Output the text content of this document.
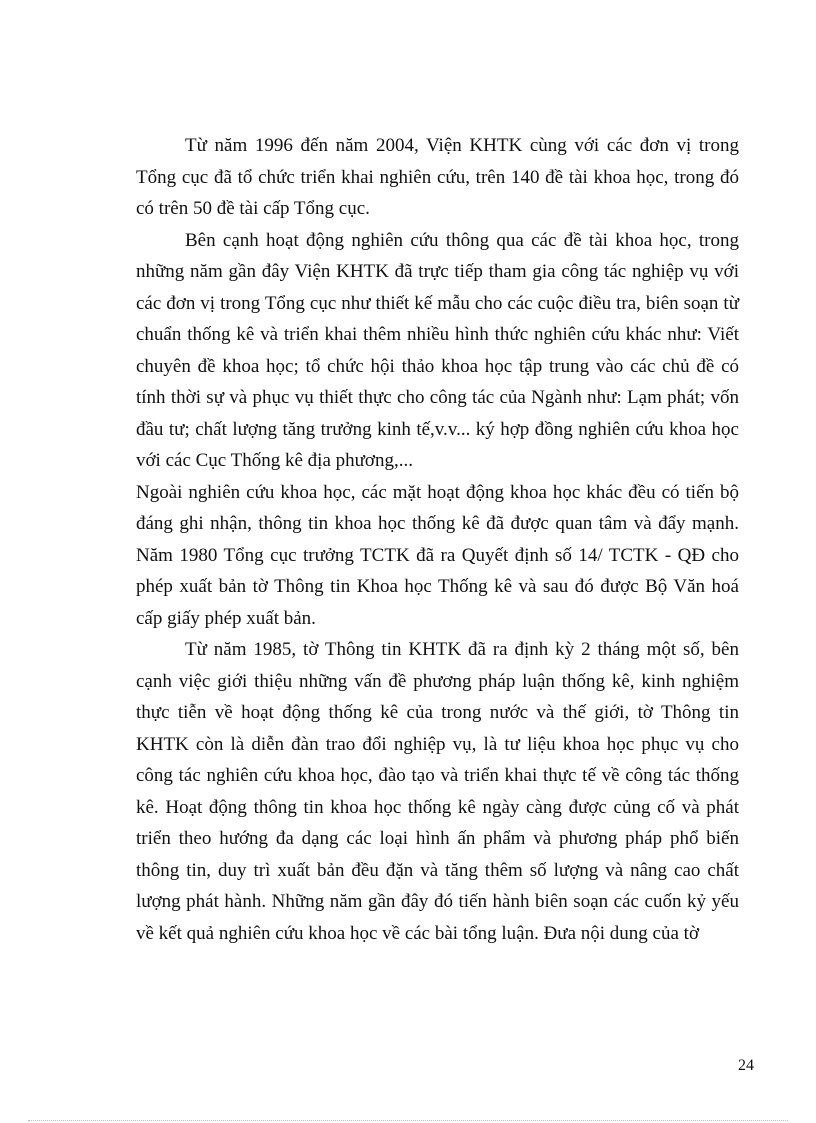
Từ năm 1996 đến năm 2004, Viện KHTK cùng với các đơn vị trong Tổng cục đã tổ chức triển khai nghiên cứu, trên 140 đề tài khoa học, trong đó có trên 50 đề tài cấp Tổng cục.

Bên cạnh hoạt động nghiên cứu thông qua các đề tài khoa học, trong những năm gần đây Viện KHTK đã trực tiếp tham gia công tác nghiệp vụ với các đơn vị trong Tổng cục như thiết kế mẫu cho các cuộc điều tra, biên soạn từ chuẩn thống kê và triển khai thêm nhiều hình thức nghiên cứu khác như: Viết chuyên đề khoa học; tổ chức hội thảo khoa học tập trung vào các chủ đề có tính thời sự và phục vụ thiết thực cho công tác của Ngành như: Lạm phát; vốn đầu tư; chất lượng tăng trưởng kinh tế,v.v... ký hợp đồng nghiên cứu khoa học với các Cục Thống kê địa phương,...

Ngoài nghiên cứu khoa học, các mặt hoạt động khoa học khác đều có tiến bộ đáng ghi nhận, thông tin khoa học thống kê đã được quan tâm và đẩy mạnh. Năm 1980 Tổng cục trưởng TCTK đã ra Quyết định số 14/ TCTK - QĐ cho phép xuất bản tờ Thông tin Khoa học Thống kê và sau đó được Bộ Văn hoá cấp giấy phép xuất bản.

Từ năm 1985, tờ Thông tin KHTK đã ra định kỳ 2 tháng một số, bên cạnh việc giới thiệu những vấn đề phương pháp luận thống kê, kinh nghiệm thực tiễn về hoạt động thống kê của trong nước và thế giới, tờ Thông tin KHTK còn là diễn đàn trao đổi nghiệp vụ, là tư liệu khoa học phục vụ cho công tác nghiên cứu khoa học, đào tạo và triển khai thực tế về công tác thống kê. Hoạt động thông tin khoa học thống kê ngày càng được củng cố và phát triển theo hướng đa dạng các loại hình ấn phẩm và phương pháp phổ biến thông tin, duy trì xuất bản đều đặn và tăng thêm số lượng và nâng cao chất lượng phát hành. Những năm gần đây đó tiến hành biên soạn các cuốn kỷ yếu về kết quả nghiên cứu khoa học về các bài tổng luận. Đưa nội dung của tờ

24
